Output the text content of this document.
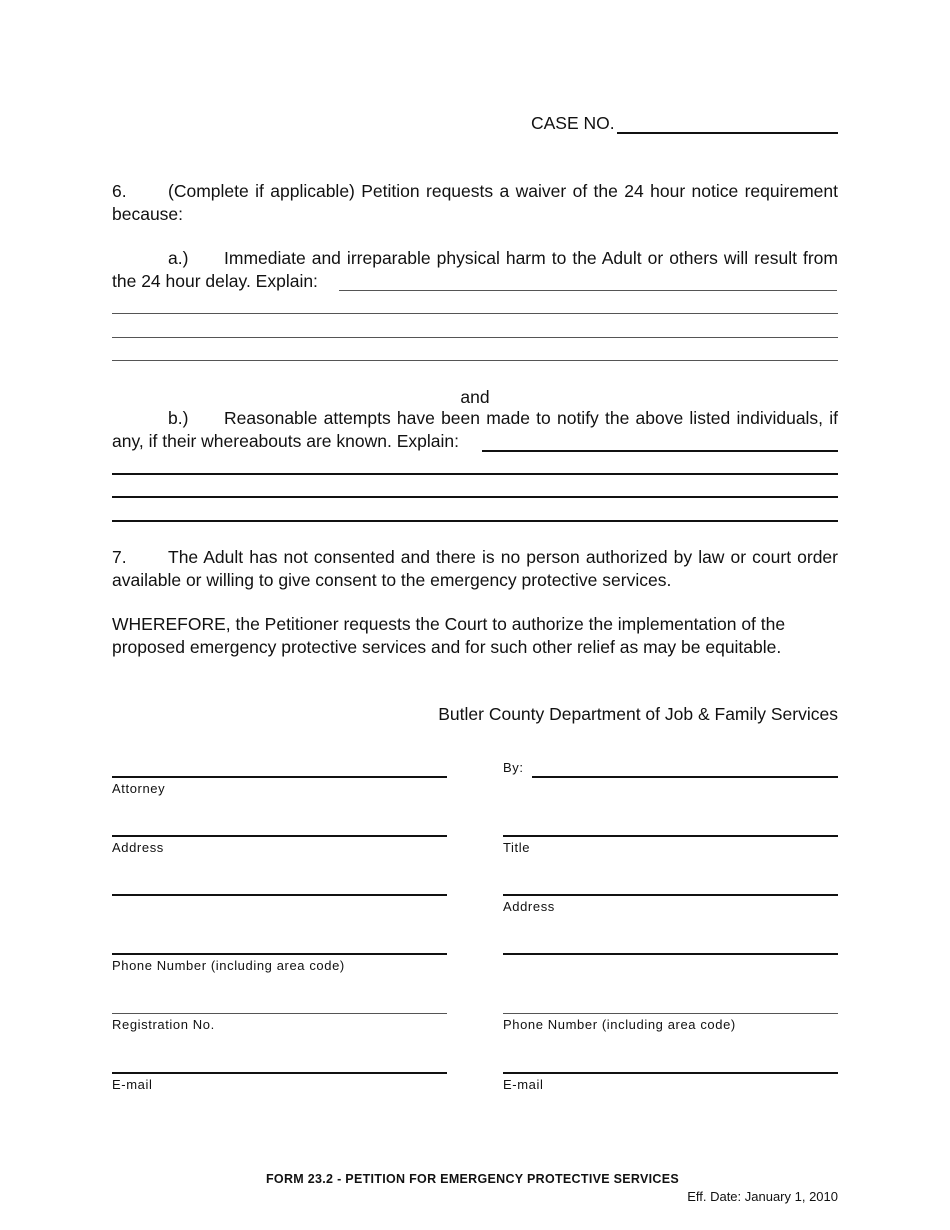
CASE NO.
6. (Complete if applicable) Petition requests a waiver of the 24 hour notice requirement
because:
a.) Immediate and irreparable physical harm to the Adult or others will result from
the 24 hour delay. Explain:
and
b.) Reasonable attempts have been made to notify the above listed individuals, if
any, if their whereabouts are known. Explain:
7. The Adult has not consented and there is no person authorized by law or court order
available or willing to give consent to the emergency protective services.
WHEREFORE, the Petitioner requests the Court to authorize the implementation of the
proposed emergency protective services and for such other relief as may be equitable.
Butler County Department of Job & Family Services
Attorney
Address
Phone Number (including area code)
Registration No.
E-mail
By:
Title
Address
Phone Number (including area code)
E-mail
FORM 23.2 - PETITION FOR EMERGENCY PROTECTIVE SERVICES
Eff. Date: January 1, 2010
